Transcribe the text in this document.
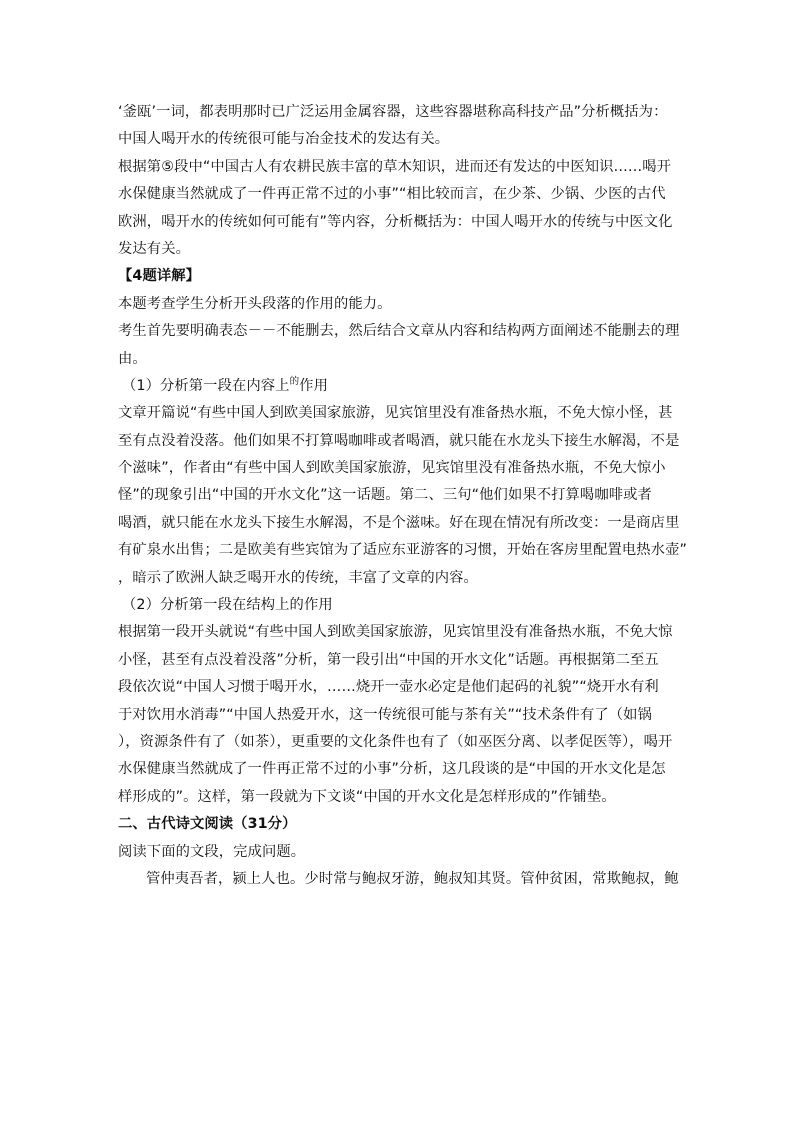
‘釜瓯’一词，都表明那时已广泛运用金属容器，这些容器堪称高科技产品”分析概括为：
中国人喝开水的传统很可能与冶金技术的发达有关。
根据第⑤段中“中国古人有农耕民族丰富的草木知识，进而还有发达的中医知识……喝开
水保健康当然就成了一件再正常不过的小事”“相比较而言，在少茶、少锅、少医的古代
欧洲，喝开水的传统如何可能有”等内容，分析概括为：中国人喝开水的传统与中医文化
发达有关。
【4题详解】
本题考查学生分析开头段落的作用的能力。
考生首先要明确表态－－不能删去，然后结合文章从内容和结构两方面阐述不能删去的理
由。
（1）分析第一段在内容上$^的$作用
文章开篇说“有些中国人到欧美国家旅游，见宾馆里没有准备热水瓶，不免大惊小怪，甚
至有点没着没落。他们如果不打算喝咖啡或者喝酒，就只能在水龙头下接生水解渴，不是
个滋味”，作者由“有些中国人到欧美国家旅游，见宾馆里没有准备热水瓶，不免大惊小
怪”的现象引出“中国的开水文化”这一话题。第二、三句“他们如果不打算喝咖啡或者
喝酒，就只能在水龙头下接生水解渴，不是个滋味。好在现在情况有所改变：一是商店里
有矿泉水出售；二是欧美有些宾馆为了适应东亚游客的习惯，开始在客房里配置电热水壶”
，暗示了欧洲人缺乏喝开水的传统，丰富了文章的内容。
（2）分析第一段在结构上的作用
根据第一段开头就说“有些中国人到欧美国家旅游，见宾馆里没有准备热水瓶，不免大惊
小怪，甚至有点没着没落”分析，第一段引出“中国的开水文化”话题。再根据第二至五
段依次说“中国人习惯于喝开水，……烧开一壶水必定是他们起码的礼貌”“烧开水有利
于对饮用水消毒”“中国人热爱开水，这一传统很可能与茶有关”“技术条件有了（如锅
），资源条件有了（如茶），更重要的文化条件也有了（如巫医分离、以孝促医等），喝开
水保健康当然就成了一件再正常不过的小事”分析，这几段谈的是“中国的开水文化是怎
样形成的”。这样，第一段就为下文谈“中国的开水文化是怎样形成的”作铺垫。
二、古代诗文阅读（31分）
阅读下面的文段，完成问题。
管仲夷吾者，颍上人也。少时常与鲍叔牙游，鲍叔知其贤。管仲贫困，常欺鲍叔，鲍
